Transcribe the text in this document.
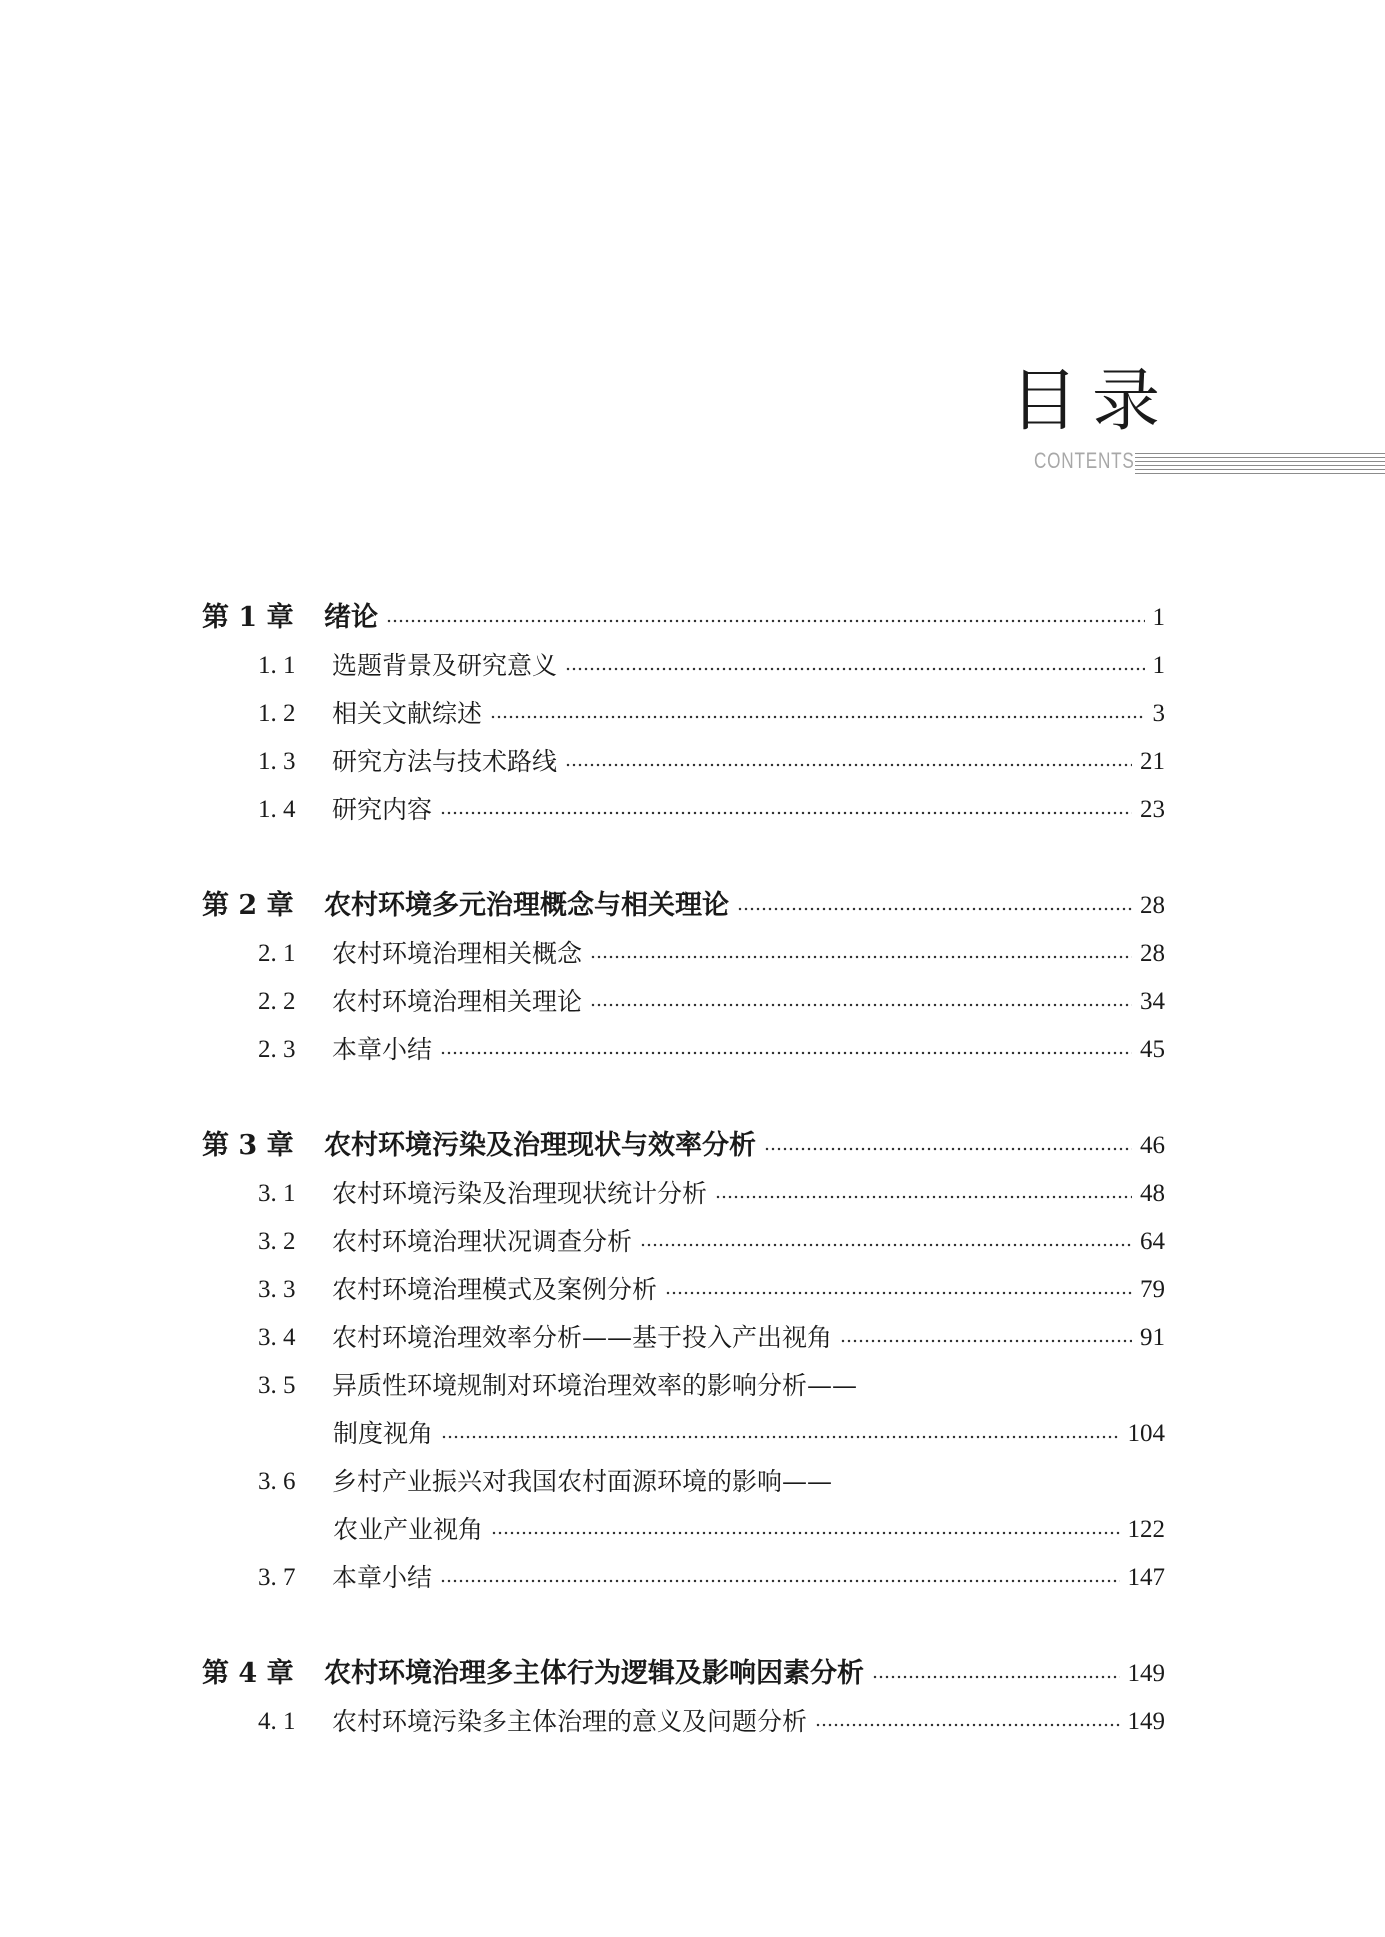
目录
CONTENTS
第 1 章	绪论	1
1. 1	选题背景及研究意义	1
1. 2	相关文献综述	3
1. 3	研究方法与技术路线	21
1. 4	研究内容	23
第 2 章	农村环境多元治理概念与相关理论	28
2. 1	农村环境治理相关概念	28
2. 2	农村环境治理相关理论	34
2. 3	本章小结	45
第 3 章	农村环境污染及治理现状与效率分析	46
3. 1	农村环境污染及治理现状统计分析	48
3. 2	农村环境治理状况调查分析	64
3. 3	农村环境治理模式及案例分析	79
3. 4	农村环境治理效率分析——基于投入产出视角	91
3. 5	异质性环境规制对环境治理效率的影响分析——
制度视角	104
3. 6	乡村产业振兴对我国农村面源环境的影响——
农业产业视角	122
3. 7	本章小结	147
第 4 章	农村环境治理多主体行为逻辑及影响因素分析	149
4. 1	农村环境污染多主体治理的意义及问题分析	149
